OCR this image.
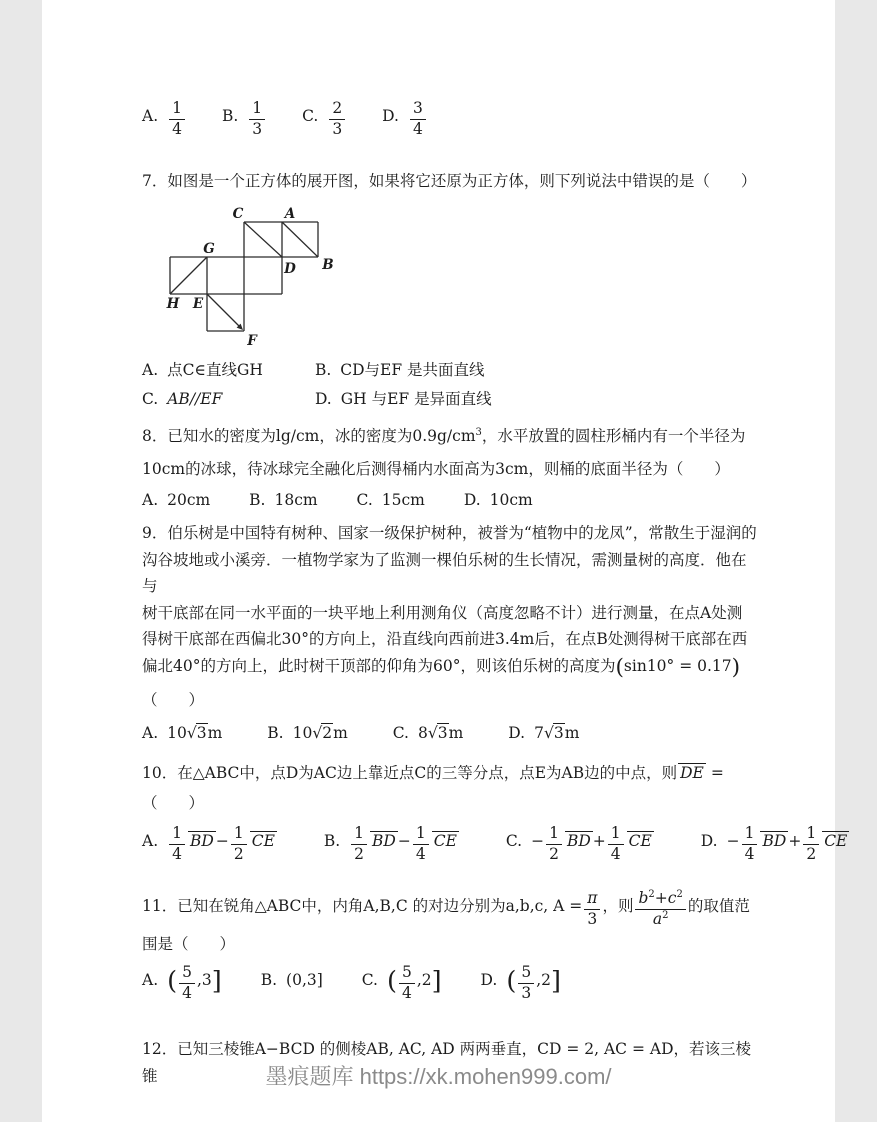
A. $\frac{1}{4} B$. $\frac{1}{3} C$. $\frac{2}{3} D$. $\frac{3}{4}$
7．如图是一个正方体的展开图，如果将它还原为正方体，则下列说法中错误的是（　　）
C	A
G
D B
H E
F
A. 点C∈直线GH	B. CD与EF 是共面直线
C. AB//EF	D. GH 与EF 是异面直线
8．已知水的密度为lg/cm，冰的密度为$0.9g/cm^3$，水平放置的圆柱形桶内有一个半径为
10cm的冰球，待冰球完全融化后测得桶内水面高为3cm，则桶的底面半径为（　　）
A. 20cm	B. 18cm	C. 15cm	D. 10cm
9．伯乐树是中国特有树种、国家一级保护树种，被誉为“植物中的龙凤”，常散生于湿润的
沟谷坡地或小溪旁．一植物学家为了监测一棵伯乐树的生长情况，需测量树的高度．他在与
树干底部在同一水平面的一块平地上利用测角仪（高度忽略不计）进行测量，在点A处测
得树干底部在西偏北30°的方向上，沿直线向西前进3.4m后，在点B处测得树干底部在西
偏北40°的方向上，此时树干顶部的仰角为60°，则该伯乐树的高度为(sin10° = 0.17)
（　　）
A. 10√3m	B. 10√2m	C. 8√3m	D. 7√3m
10．在△ABC中，点D为AC边上靠近点C的三等分点，点E为AB边的中点，则 DE =
（　　）
A. $\frac{1}{4}$ BD − $\frac{1}{2}$ CE	B. $\frac{1}{2}$ BD − $\frac{1}{4}$ CE	C. − $\frac{1}{2}$ BD + $\frac{1}{4}$ CE	D. − $\frac{1}{4}$ BD + $\frac{1}{2}$ CE
11．已知在锐角△ABC中，内角A,B,C 的对边分别为a,b,c, $A = \frac{\pi}{3}$ ，则 $\frac{b^2+c^2}{a^2}$ 的取值范
围是（　　）
A. ( $\frac{5}{4} ,3$]	B. (0,3]	C. ( $\frac{5}{4} ,2$]	D. ( $\frac{5}{3} ,2$]
12．已知三棱锥A−BCD 的侧棱AB, AC, AD 两两垂直，CD = 2, AC = AD，若该三棱锥	墨痕题库 https://xk.mohen999.com/
